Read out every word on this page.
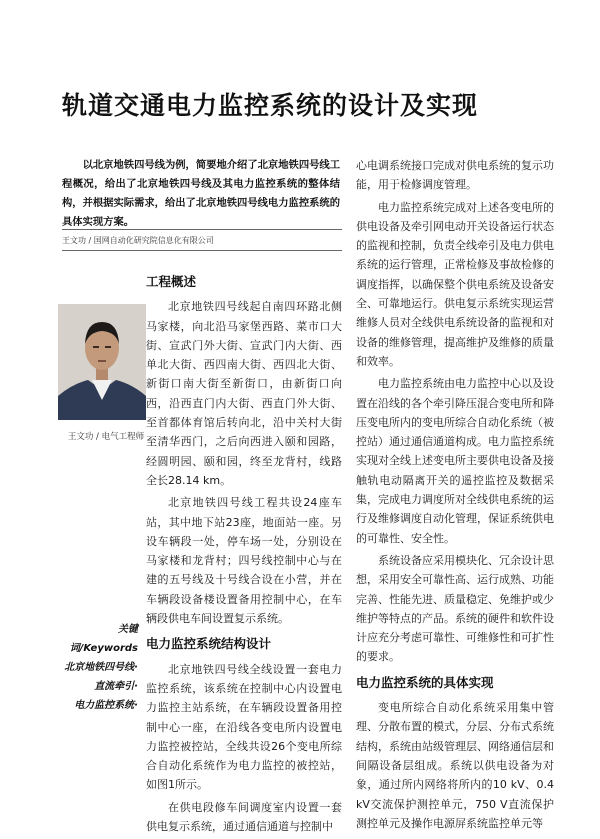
轨道交通电力监控系统的设计及实现

以北京地铁四号线为例，简要地介绍了北京地铁四号线工程概况，给出了北京地铁四号线及其电力监控系统的整体结构，并根据实际需求，给出了北京地铁四号线电力监控系统的具体实现方案。

王文功 / 国网自动化研究院信息化有限公司
王文功 / 电气工程师
关键词/Keywords
北京地铁四号线·
直流牵引·
电力监控系统·
工程概述

北京地铁四号线起自南四环路北侧马家楼，向北沿马家堡西路、菜市口大街、宣武门外大街、宣武门内大街、西单北大街、西四南大街、西四北大街、新街口南大街至新街口，由新街口向西，沿西直门内大街、西直门外大街、至首都体育馆后转向北，沿中关村大街至清华西门，之后向西进入颐和园路，经圆明园、颐和园，终至龙背村，线路全长28.14 km。

北京地铁四号线工程共设24座车站，其中地下站23座，地面站一座。另设车辆段一处，停车场一处，分别设在马家楼和龙背村；四号线控制中心与在建的五号线及十号线合设在小营，并在车辆段设备楼设置备用控制中心，在车辆段供电车间设置复示系统。

电力监控系统结构设计

北京地铁四号线全线设置一套电力监控系统，该系统在控制中心内设置电力监控主站系统，在车辆段设置备用控制中心一座，在沿线各变电所内设置电力监控被控站，全线共设26个变电所综合自动化系统作为电力监控的被控站，如图1所示。

在供电段修车间调度室内设置一套供电复示系统，通过通信通道与控制中

心电调系统接口完成对供电系统的复示功能，用于检修调度管理。

电力监控系统完成对上述各变电所的供电设备及牵引网电动开关设备运行状态的监视和控制，负责全线牵引及电力供电系统的运行管理，正常检修及事故检修的调度指挥，以确保整个供电系统及设备安全、可靠地运行。供电复示系统实现运营维修人员对全线供电系统设备的监视和对设备的维修管理，提高维护及维修的质量和效率。

电力监控系统由电力监控中心以及设置在沿线的各个牵引降压混合变电所和降压变电所内的变电所综合自动化系统（被控站）通过通信通道构成。电力监控系统实现对全线上述变电所主要供电设备及接触轨电动隔离开关的遥控监控及数据采集，完成电力调度所对全线供电系统的运行及维修调度自动化管理，保证系统供电的可靠性、安全性。

系统设备应采用模块化、冗余设计思想，采用安全可靠性高、运行成熟、功能完善、性能先进、质量稳定、免维护或少维护等特点的产品。系统的硬件和软件设计应充分考虑可靠性、可维修性和可扩性的要求。

电力监控系统的具体实现

变电所综合自动化系统采用集中管理、分散布置的模式，分层、分布式系统结构，系统由站级管理层、网络通信层和间隔设备层组成。系统以供电设备为对象，通过所内网络将所内的10 kV、0.4 kV交流保护测控单元，750 V直流保护测控单元及操作电源屏系统监控单元等
